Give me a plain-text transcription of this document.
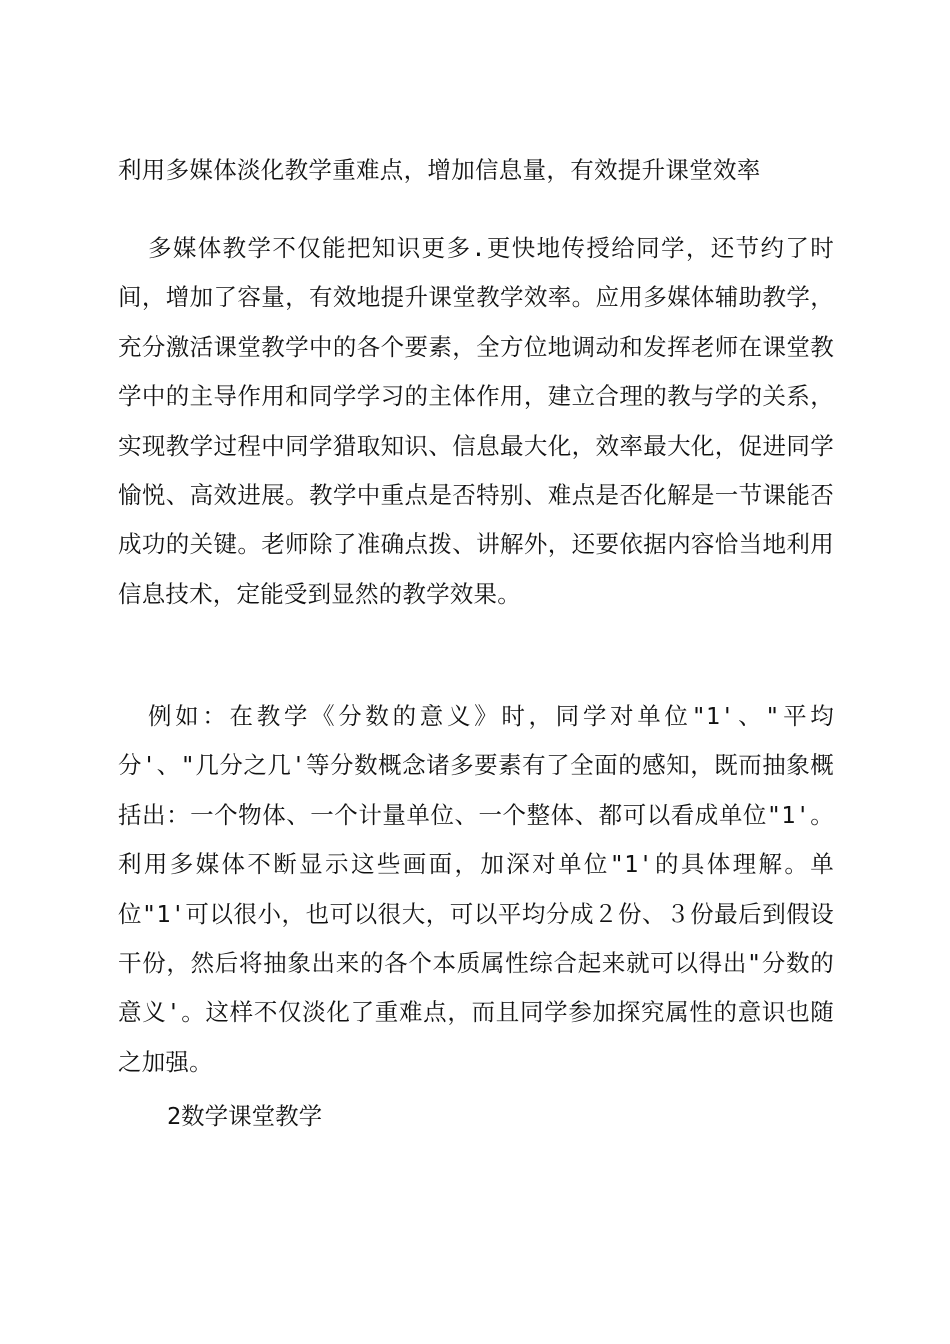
利用多媒体淡化教学重难点，增加信息量，有效提升课堂效率

多媒体教学不仅能把知识更多.更快地传授给同学，还节约了时间，增加了容量，有效地提升课堂教学效率。应用多媒体辅助教学，充分激活课堂教学中的各个要素，全方位地调动和发挥老师在课堂教学中的主导作用和同学学习的主体作用，建立合理的教与学的关系，实现教学过程中同学猎取知识、信息最大化，效率最大化，促进同学愉悦、高效进展。教学中重点是否特别、难点是否化解是一节课能否成功的关键。老师除了准确点拨、讲解外，还要依据内容恰当地利用信息技术，定能受到显然的教学效果。

例如：在教学《分数的意义》时，同学对单位"1'、"平均分'、"几分之几'等分数概念诸多要素有了全面的感知，既而抽象概括出：一个物体、一个计量单位、一个整体、都可以看成单位"1'。利用多媒体不断显示这些画面，加深对单位"1'的具体理解。单位"1'可以很小，也可以很大，可以平均分成２份、３份最后到假设干份，然后将抽象出来的各个本质属性综合起来就可以得出"分数的意义'。这样不仅淡化了重难点，而且同学参加探究属性的意识也随之加强。

2数学课堂教学
